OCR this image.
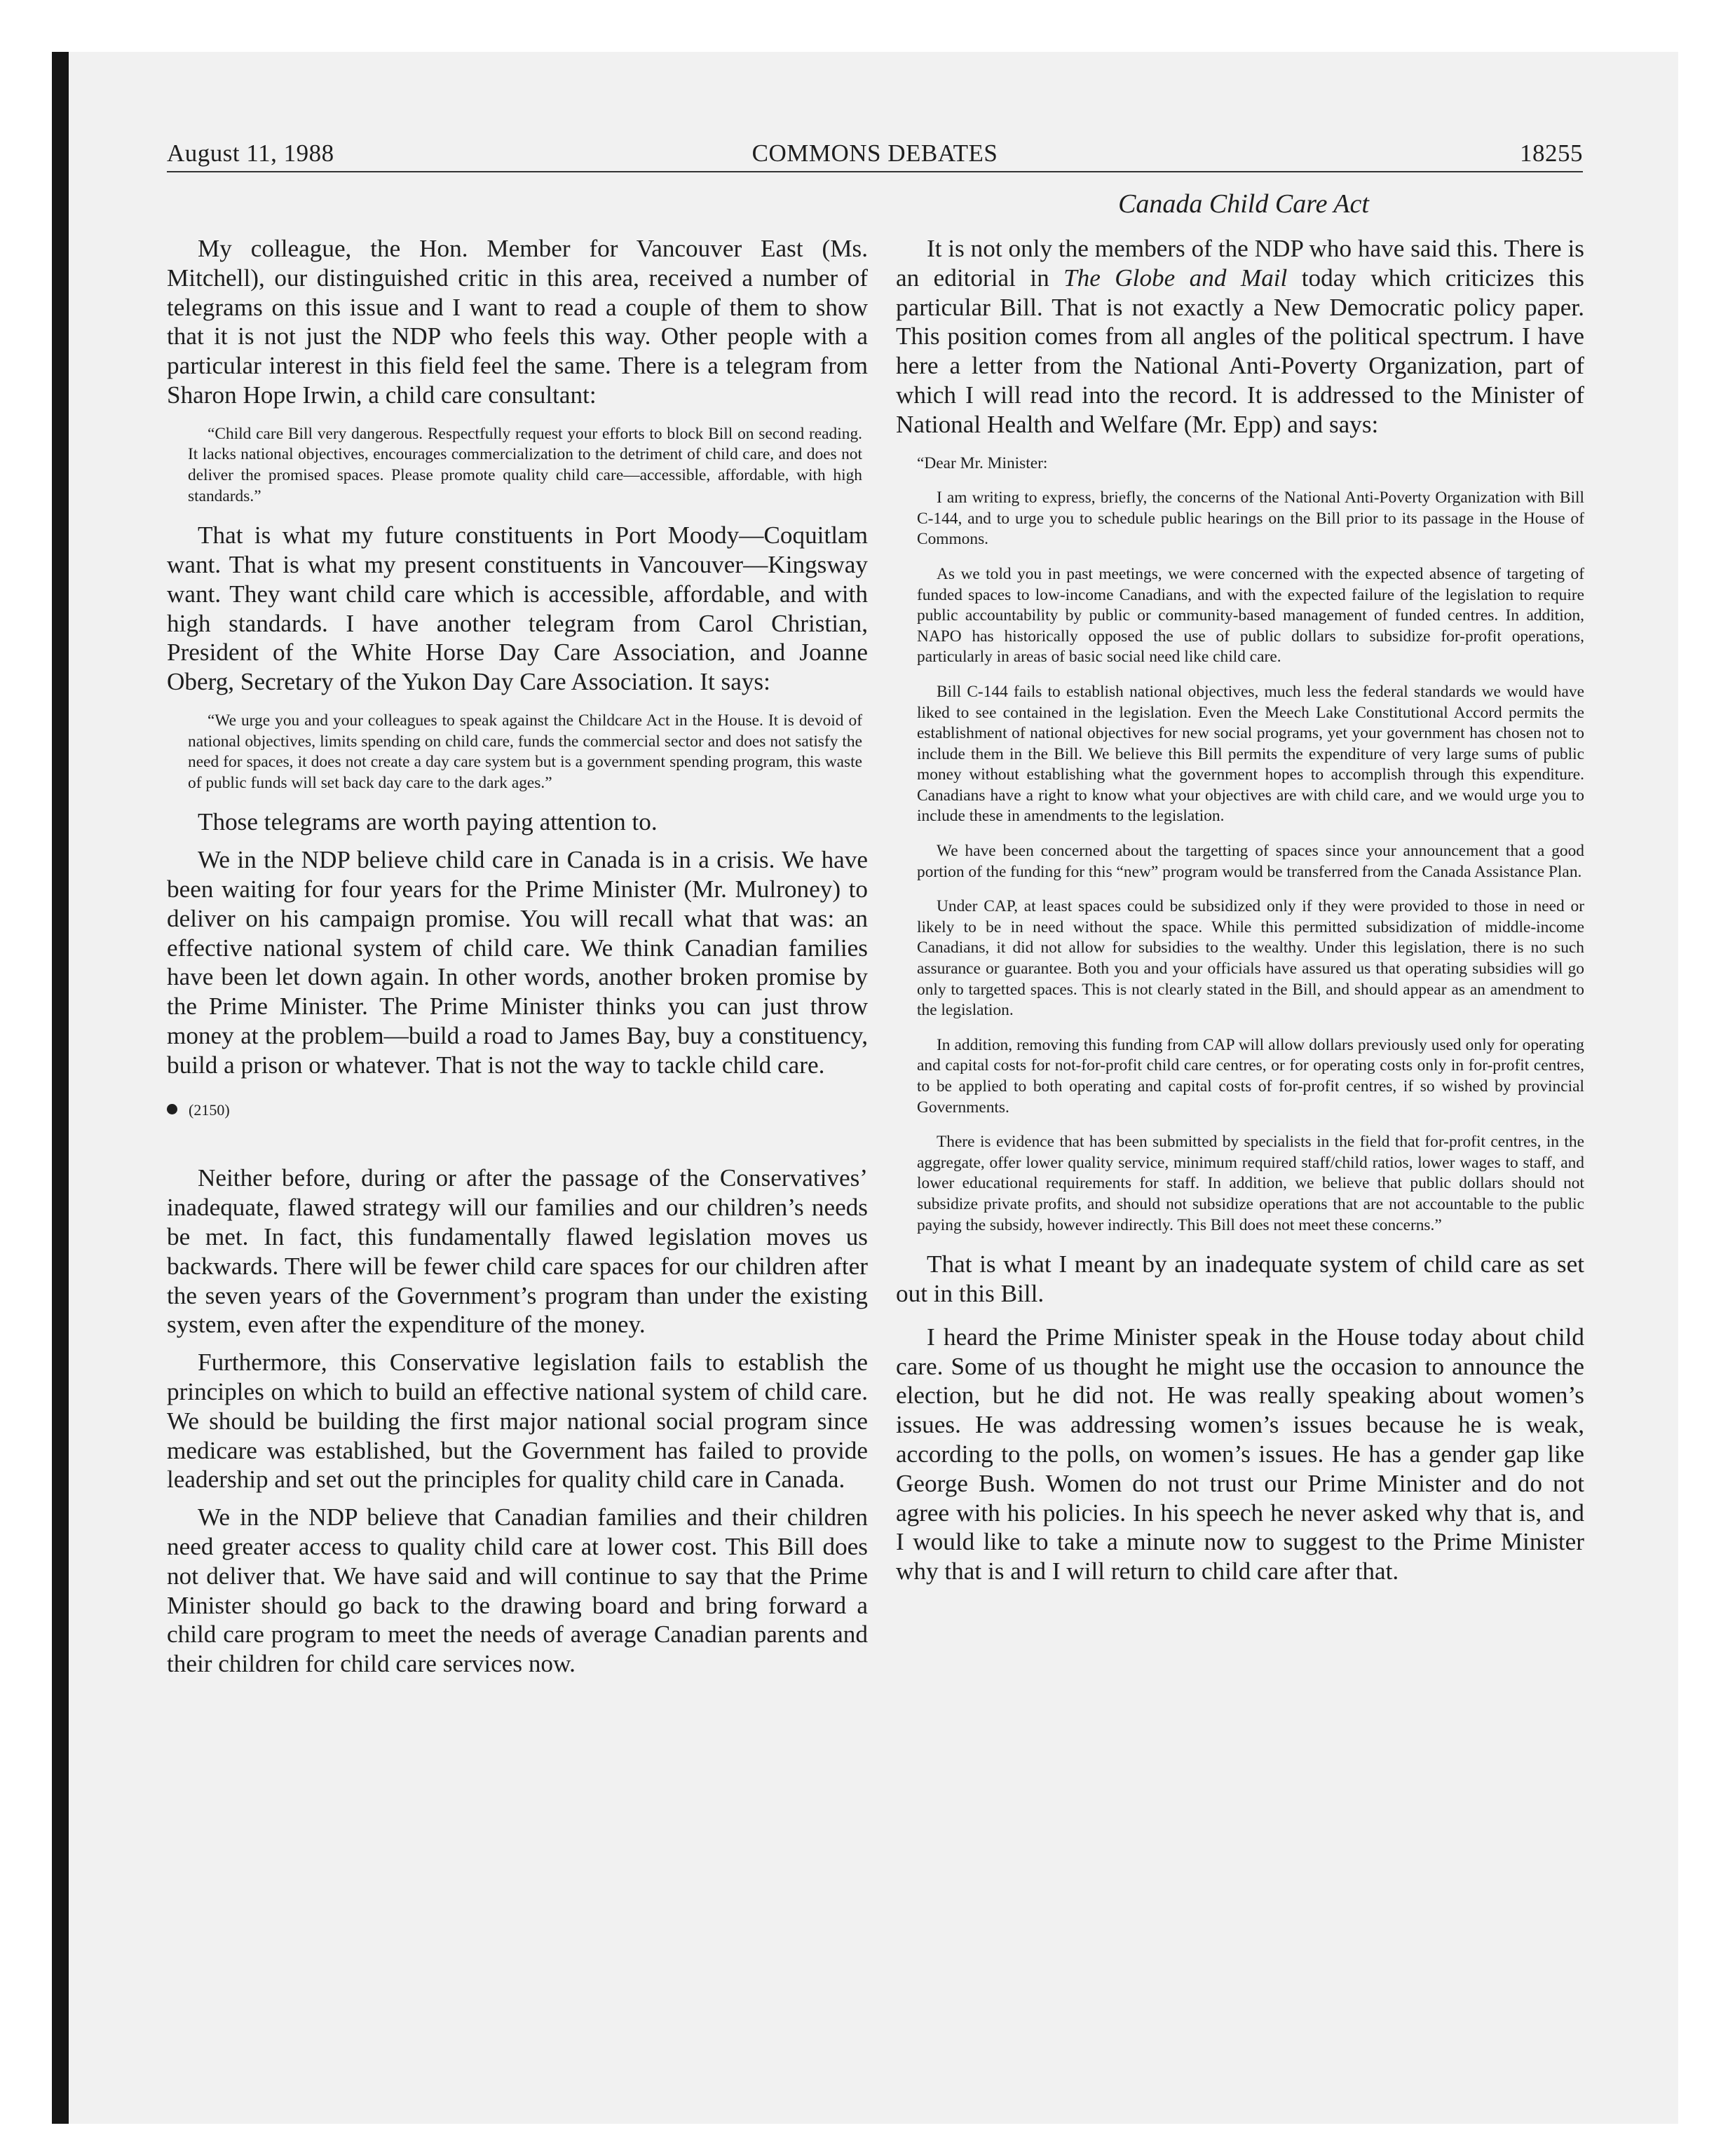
August 11, 1988	COMMONS DEBATES	18255
Canada Child Care Act

My colleague, the Hon. Member for Vancouver East (Ms. Mitchell), our distinguished critic in this area, received a number of telegrams on this issue and I want to read a couple of them to show that it is not just the NDP who feels this way. Other people with a particular interest in this field feel the same. There is a telegram from Sharon Hope Irwin, a child care consultant:

“Child care Bill very dangerous. Respectfully request your efforts to block Bill on second reading. It lacks national objectives, encourages commercialization to the detriment of child care, and does not deliver the promised spaces. Please promote quality child care—accessible, affordable, with high standards.”

That is what my future constituents in Port Moody—Coquitlam want. That is what my present constituents in Vancouver—Kingsway want. They want child care which is accessible, affordable, and with high standards. I have another telegram from Carol Christian, President of the White Horse Day Care Association, and Joanne Oberg, Secretary of the Yukon Day Care Association. It says:

“We urge you and your colleagues to speak against the Childcare Act in the House. It is devoid of national objectives, limits spending on child care, funds the commercial sector and does not satisfy the need for spaces, it does not create a day care system but is a government spending program, this waste of public funds will set back day care to the dark ages.”

Those telegrams are worth paying attention to.

We in the NDP believe child care in Canada is in a crisis. We have been waiting for four years for the Prime Minister (Mr. Mulroney) to deliver on his campaign promise. You will recall what that was: an effective national system of child care. We think Canadian families have been let down again. In other words, another broken promise by the Prime Minister. The Prime Minister thinks you can just throw money at the problem—build a road to James Bay, buy a constituency, build a prison or whatever. That is not the way to tackle child care.

(2150)

Neither before, during or after the passage of the Conservatives’ inadequate, flawed strategy will our families and our children’s needs be met. In fact, this fundamentally flawed legislation moves us backwards. There will be fewer child care spaces for our children after the seven years of the Government’s program than under the existing system, even after the expenditure of the money.

Furthermore, this Conservative legislation fails to establish the principles on which to build an effective national system of child care. We should be building the first major national social program since medicare was established, but the Government has failed to provide leadership and set out the principles for quality child care in Canada.

We in the NDP believe that Canadian families and their children need greater access to quality child care at lower cost. This Bill does not deliver that. We have said and will continue to say that the Prime Minister should go back to the drawing board and bring forward a child care program to meet the needs of average Canadian parents and their children for child care services now.

It is not only the members of the NDP who have said this. There is an editorial in The Globe and Mail today which criticizes this particular Bill. That is not exactly a New Democratic policy paper. This position comes from all angles of the political spectrum. I have here a letter from the National Anti-Poverty Organization, part of which I will read into the record. It is addressed to the Minister of National Health and Welfare (Mr. Epp) and says:

“Dear Mr. Minister:

I am writing to express, briefly, the concerns of the National Anti-Poverty Organization with Bill C-144, and to urge you to schedule public hearings on the Bill prior to its passage in the House of Commons.

As we told you in past meetings, we were concerned with the expected absence of targeting of funded spaces to low-income Canadians, and with the expected failure of the legislation to require public accountability by public or community-based management of funded centres. In addition, NAPO has historically opposed the use of public dollars to subsidize for-profit operations, particularly in areas of basic social need like child care.

Bill C-144 fails to establish national objectives, much less the federal standards we would have liked to see contained in the legislation. Even the Meech Lake Constitutional Accord permits the establishment of national objectives for new social programs, yet your government has chosen not to include them in the Bill. We believe this Bill permits the expenditure of very large sums of public money without establishing what the government hopes to accomplish through this expenditure. Canadians have a right to know what your objectives are with child care, and we would urge you to include these in amendments to the legislation.

We have been concerned about the targetting of spaces since your announcement that a good portion of the funding for this “new” program would be transferred from the Canada Assistance Plan.

Under CAP, at least spaces could be subsidized only if they were provided to those in need or likely to be in need without the space. While this permitted subsidization of middle-income Canadians, it did not allow for subsidies to the wealthy. Under this legislation, there is no such assurance or guarantee. Both you and your officials have assured us that operating subsidies will go only to targetted spaces. This is not clearly stated in the Bill, and should appear as an amendment to the legislation.

In addition, removing this funding from CAP will allow dollars previously used only for operating and capital costs for not-for-profit child care centres, or for operating costs only in for-profit centres, to be applied to both operating and capital costs of for-profit centres, if so wished by provincial Governments.

There is evidence that has been submitted by specialists in the field that for-profit centres, in the aggregate, offer lower quality service, minimum required staff/child ratios, lower wages to staff, and lower educational requirements for staff. In addition, we believe that public dollars should not subsidize private profits, and should not subsidize operations that are not accountable to the public paying the subsidy, however indirectly. This Bill does not meet these concerns.”

That is what I meant by an inadequate system of child care as set out in this Bill.

I heard the Prime Minister speak in the House today about child care. Some of us thought he might use the occasion to announce the election, but he did not. He was really speaking about women’s issues. He was addressing women’s issues because he is weak, according to the polls, on women’s issues. He has a gender gap like George Bush. Women do not trust our Prime Minister and do not agree with his policies. In his speech he never asked why that is, and I would like to take a minute now to suggest to the Prime Minister why that is and I will return to child care after that.
